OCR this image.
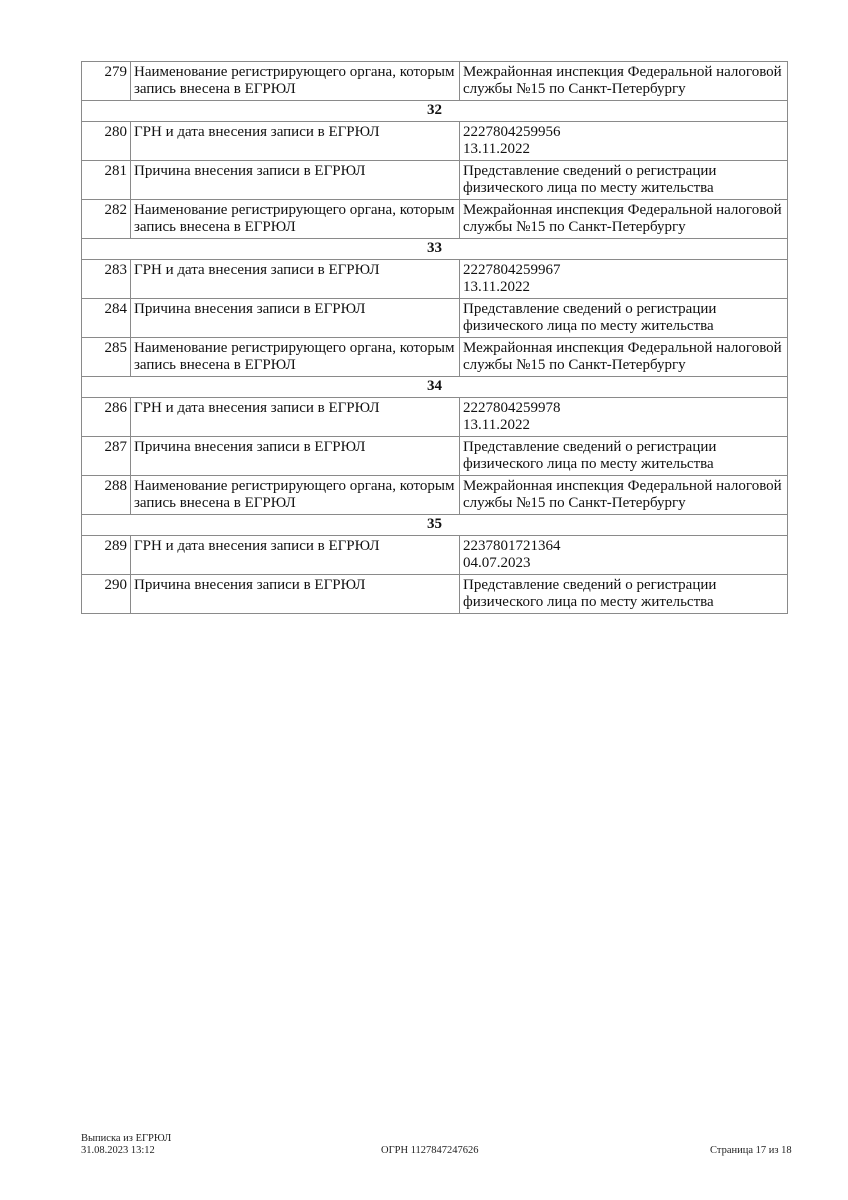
279	Наименование регистрирующего органа, которым запись внесена в ЕГРЮЛ	Межрайонная инспекция Федеральной налоговой службы №15 по Санкт-Петербургу

32		
280	ГРН и дата внесения записи в ЕГРЮЛ	2227804259956
13.11.2022

281	Причина внесения записи в ЕГРЮЛ	Представление сведений о регистрации физического лица по месту жительства

282	Наименование регистрирующего органа, которым запись внесена в ЕГРЮЛ	Межрайонная инспекция Федеральной налоговой службы №15 по Санкт-Петербургу

33		
283	ГРН и дата внесения записи в ЕГРЮЛ	2227804259967
13.11.2022

284	Причина внесения записи в ЕГРЮЛ	Представление сведений о регистрации физического лица по месту жительства

285	Наименование регистрирующего органа, которым запись внесена в ЕГРЮЛ	Межрайонная инспекция Федеральной налоговой службы №15 по Санкт-Петербургу

34		
286	ГРН и дата внесения записи в ЕГРЮЛ	2227804259978
13.11.2022

287	Причина внесения записи в ЕГРЮЛ	Представление сведений о регистрации физического лица по месту жительства

288	Наименование регистрирующего органа, которым запись внесена в ЕГРЮЛ	Межрайонная инспекция Федеральной налоговой службы №15 по Санкт-Петербургу

35		
289	ГРН и дата внесения записи в ЕГРЮЛ	2237801721364
04.07.2023

290	Причина внесения записи в ЕГРЮЛ	Представление сведений о регистрации физического лица по месту жительства
Выписка из ЕГРЮЛ
31.08.2023 13:12	ОГРН 1127847247626	Страница 17 из 18
